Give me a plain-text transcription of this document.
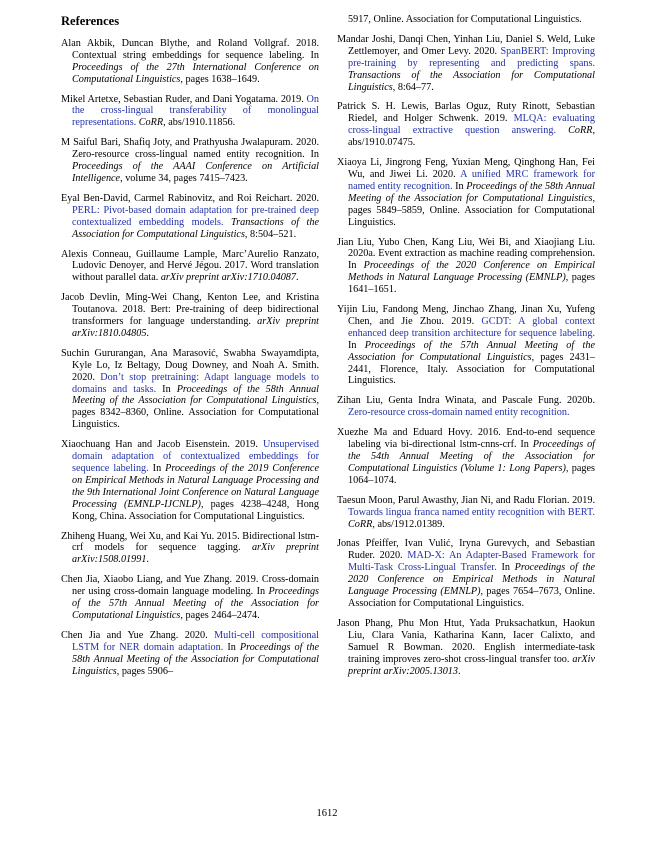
References
Alan Akbik, Duncan Blythe, and Roland Vollgraf. 2018. Contextual string embeddings for sequence labeling. In Proceedings of the 27th International Conference on Computational Linguistics, pages 1638–1649.
Mikel Artetxe, Sebastian Ruder, and Dani Yogatama. 2019. On the cross-lingual transferability of monolingual representations. CoRR, abs/1910.11856.
M Saiful Bari, Shafiq Joty, and Prathyusha Jwalapuram. 2020. Zero-resource cross-lingual named entity recognition. In Proceedings of the AAAI Conference on Artificial Intelligence, volume 34, pages 7415–7423.
Eyal Ben-David, Carmel Rabinovitz, and Roi Reichart. 2020. PERL: Pivot-based domain adaptation for pre-trained deep contextualized embedding models. Transactions of the Association for Computational Linguistics, 8:504–521.
Alexis Conneau, Guillaume Lample, Marc’Aurelio Ranzato, Ludovic Denoyer, and Hervé Jégou. 2017. Word translation without parallel data. arXiv preprint arXiv:1710.04087.
Jacob Devlin, Ming-Wei Chang, Kenton Lee, and Kristina Toutanova. 2018. Bert: Pre-training of deep bidirectional transformers for language understanding. arXiv preprint arXiv:1810.04805.
Suchin Gururangan, Ana Marasović, Swabha Swayamdipta, Kyle Lo, Iz Beltagy, Doug Downey, and Noah A. Smith. 2020. Don’t stop pretraining: Adapt language models to domains and tasks. In Proceedings of the 58th Annual Meeting of the Association for Computational Linguistics, pages 8342–8360, Online. Association for Computational Linguistics.
Xiaochuang Han and Jacob Eisenstein. 2019. Unsupervised domain adaptation of contextualized embeddings for sequence labeling. In Proceedings of the 2019 Conference on Empirical Methods in Natural Language Processing and the 9th International Joint Conference on Natural Language Processing (EMNLP-IJCNLP), pages 4238–4248, Hong Kong, China. Association for Computational Linguistics.
Zhiheng Huang, Wei Xu, and Kai Yu. 2015. Bidirectional lstm-crf models for sequence tagging. arXiv preprint arXiv:1508.01991.
Chen Jia, Xiaobo Liang, and Yue Zhang. 2019. Cross-domain ner using cross-domain language modeling. In Proceedings of the 57th Annual Meeting of the Association for Computational Linguistics, pages 2464–2474.
Chen Jia and Yue Zhang. 2020. Multi-cell compositional LSTM for NER domain adaptation. In Proceedings of the 58th Annual Meeting of the Association for Computational Linguistics, pages 5906–
5917, Online. Association for Computational Linguistics.
Mandar Joshi, Danqi Chen, Yinhan Liu, Daniel S. Weld, Luke Zettlemoyer, and Omer Levy. 2020. SpanBERT: Improving pre-training by representing and predicting spans. Transactions of the Association for Computational Linguistics, 8:64–77.
Patrick S. H. Lewis, Barlas Oguz, Ruty Rinott, Sebastian Riedel, and Holger Schwenk. 2019. MLQA: evaluating cross-lingual extractive question answering. CoRR, abs/1910.07475.
Xiaoya Li, Jingrong Feng, Yuxian Meng, Qinghong Han, Fei Wu, and Jiwei Li. 2020. A unified MRC framework for named entity recognition. In Proceedings of the 58th Annual Meeting of the Association for Computational Linguistics, pages 5849–5859, Online. Association for Computational Linguistics.
Jian Liu, Yubo Chen, Kang Liu, Wei Bi, and Xiaojiang Liu. 2020a. Event extraction as machine reading comprehension. In Proceedings of the 2020 Conference on Empirical Methods in Natural Language Processing (EMNLP), pages 1641–1651.
Yijin Liu, Fandong Meng, Jinchao Zhang, Jinan Xu, Yufeng Chen, and Jie Zhou. 2019. GCDT: A global context enhanced deep transition architecture for sequence labeling. In Proceedings of the 57th Annual Meeting of the Association for Computational Linguistics, pages 2431–2441, Florence, Italy. Association for Computational Linguistics.
Zihan Liu, Genta Indra Winata, and Pascale Fung. 2020b. Zero-resource cross-domain named entity recognition.
Xuezhe Ma and Eduard Hovy. 2016. End-to-end sequence labeling via bi-directional lstm-cnns-crf. In Proceedings of the 54th Annual Meeting of the Association for Computational Linguistics (Volume 1: Long Papers), pages 1064–1074.
Taesun Moon, Parul Awasthy, Jian Ni, and Radu Florian. 2019. Towards lingua franca named entity recognition with BERT. CoRR, abs/1912.01389.
Jonas Pfeiffer, Ivan Vulić, Iryna Gurevych, and Sebastian Ruder. 2020. MAD-X: An Adapter-Based Framework for Multi-Task Cross-Lingual Transfer. In Proceedings of the 2020 Conference on Empirical Methods in Natural Language Processing (EMNLP), pages 7654–7673, Online. Association for Computational Linguistics.
Jason Phang, Phu Mon Htut, Yada Pruksachatkun, Haokun Liu, Clara Vania, Katharina Kann, Iacer Calixto, and Samuel R Bowman. 2020. English intermediate-task training improves zero-shot cross-lingual transfer too. arXiv preprint arXiv:2005.13013.
1612
